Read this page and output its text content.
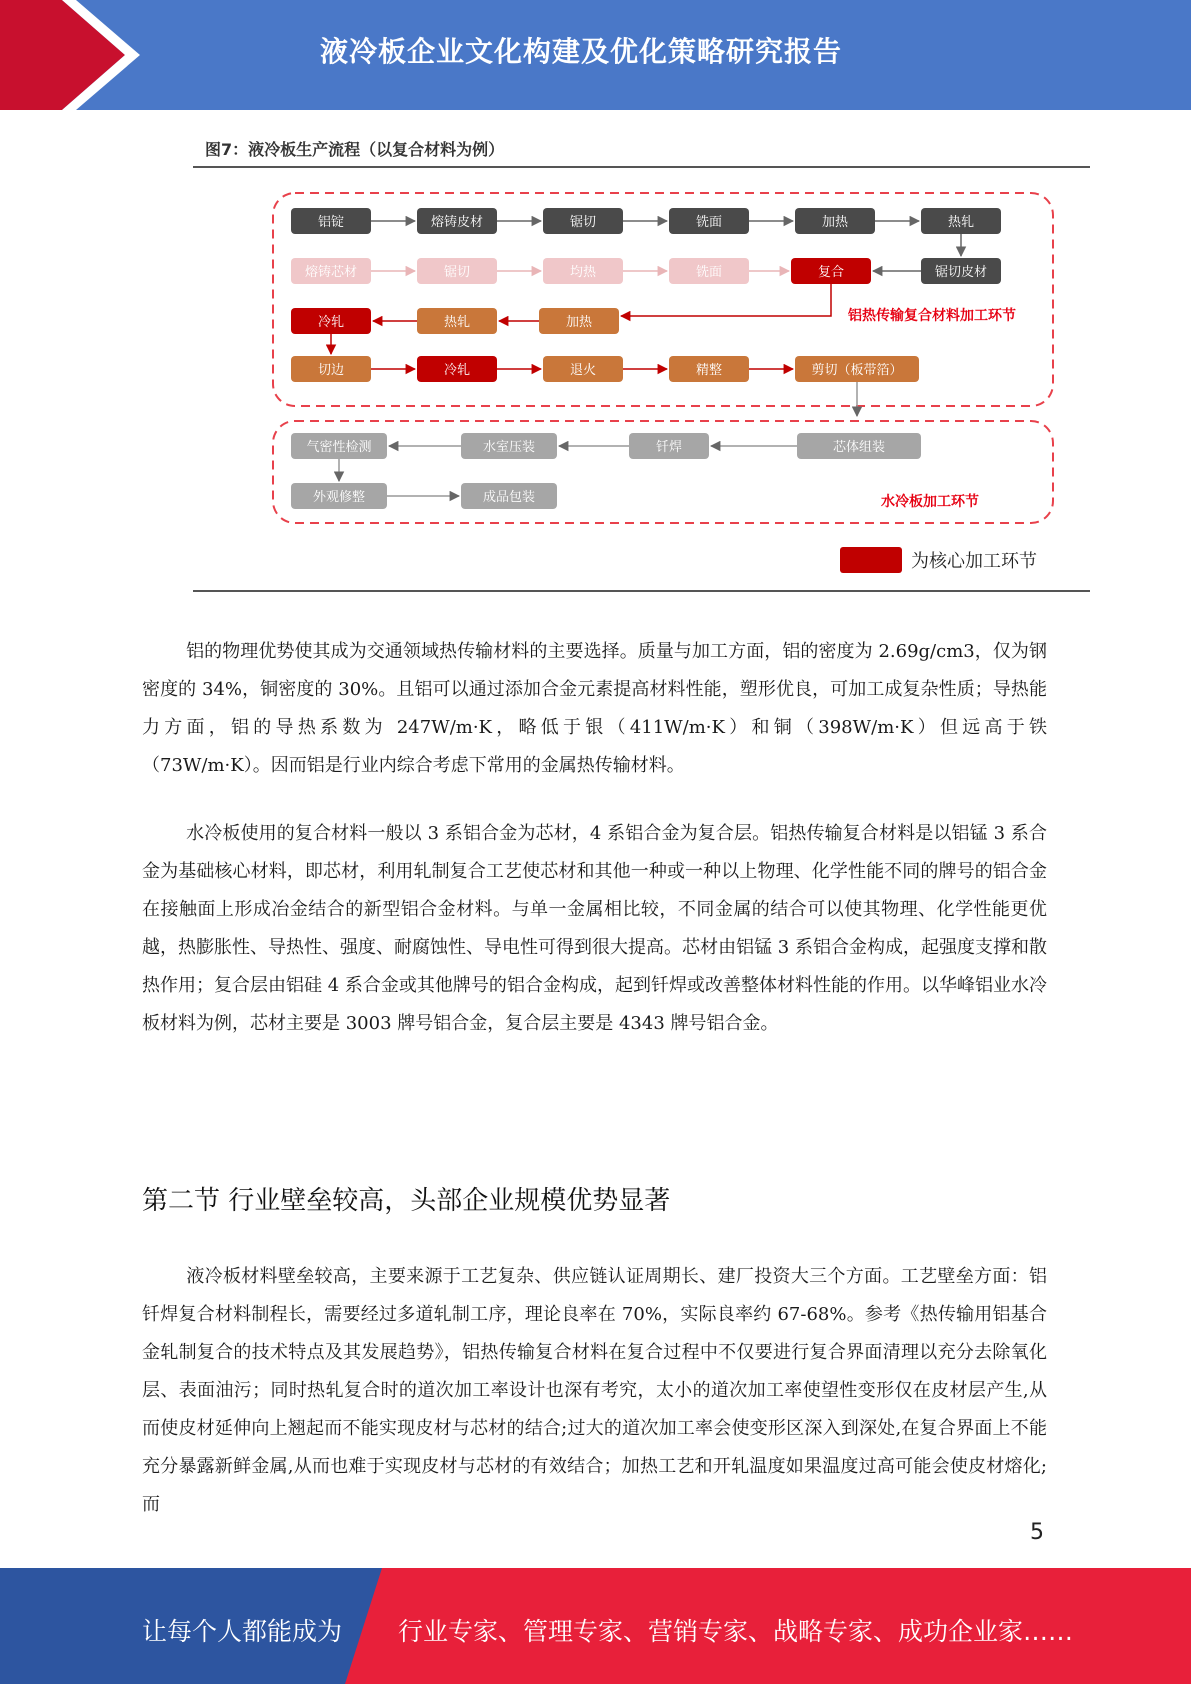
液冷板企业文化构建及优化策略研究报告
图7：液冷板生产流程（以复合材料为例）
铝锭	熔铸皮材	锯切	铣面	加热	热轧
熔铸芯材	锯切	均热	铣面	复合	锯切皮材
冷轧	热轧	加热	铝热传输复合材料加工环节
切边	冷轧	退火	精整	剪切（板带箔）
气密性检测	水室压装	钎焊	芯体组装
外观修整	成品包装	水冷板加工环节
为核心加工环节
铝的物理优势使其成为交通领域热传输材料的主要选择。质量与加工方面，铝的密度为 2.69g/cm3，仅为钢密度的 34%，铜密度的 30%。且铝可以通过添加合金元素提高材料性能，塑形优良，可加工成复杂性质；导热能力方面，铝的导热系数为 247W/m·K，略低于银（411W/m·K）和铜（398W/m·K）但远高于铁（73W/m·K）。因而铝是行业内综合考虑下常用的金属热传输材料。
水冷板使用的复合材料一般以 3 系铝合金为芯材，4 系铝合金为复合层。铝热传输复合材料是以铝锰 3 系合金为基础核心材料，即芯材，利用轧制复合工艺使芯材和其他一种或一种以上物理、化学性能不同的牌号的铝合金在接触面上形成冶金结合的新型铝合金材料。与单一金属相比较，不同金属的结合可以使其物理、化学性能更优越，热膨胀性、导热性、强度、耐腐蚀性、导电性可得到很大提高。芯材由铝锰 3 系铝合金构成，起强度支撑和散热作用；复合层由铝硅 4 系合金或其他牌号的铝合金构成，起到钎焊或改善整体材料性能的作用。以华峰铝业水冷板材料为例，芯材主要是 3003 牌号铝合金，复合层主要是 4343 牌号铝合金。
第二节 行业壁垒较高，头部企业规模优势显著
液冷板材料壁垒较高，主要来源于工艺复杂、供应链认证周期长、建厂投资大三个方面。工艺壁垒方面：铝钎焊复合材料制程长，需要经过多道轧制工序，理论良率在 70%，实际良率约 67-68%。参考《热传输用铝基合金轧制复合的技术特点及其发展趋势》，铝热传输复合材料在复合过程中不仅要进行复合界面清理以充分去除氧化层、表面油污；同时热轧复合时的道次加工率设计也深有考究，太小的道次加工率使望性变形仅在皮材层产生,从而使皮材延伸向上翘起而不能实现皮材与芯材的结合;过大的道次加工率会使变形区深入到深处,在复合界面上不能充分暴露新鲜金属,从而也难于实现皮材与芯材的有效结合；加热工艺和开轧温度如果温度过高可能会使皮材熔化;而
5
让每个人都能成为 行业专家、管理专家、营销专家、战略专家、成功企业家……
